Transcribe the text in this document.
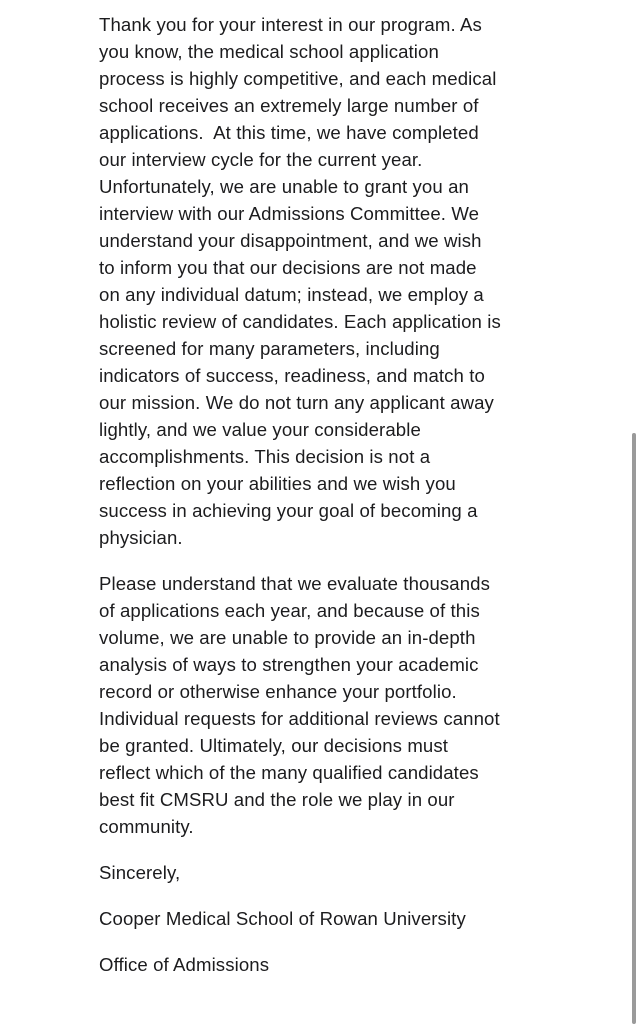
Thank you for your interest in our program. As
you know, the medical school application
process is highly competitive, and each medical
school receives an extremely large number of
applications.  At this time, we have completed
our interview cycle for the current year.
Unfortunately, we are unable to grant you an
interview with our Admissions Committee. We
understand your disappointment, and we wish
to inform you that our decisions are not made
on any individual datum; instead, we employ a
holistic review of candidates. Each application is
screened for many parameters, including
indicators of success, readiness, and match to
our mission. We do not turn any applicant away
lightly, and we value your considerable
accomplishments. This decision is not a
reflection on your abilities and we wish you
success in achieving your goal of becoming a
physician.
Please understand that we evaluate thousands
of applications each year, and because of this
volume, we are unable to provide an in-depth
analysis of ways to strengthen your academic
record or otherwise enhance your portfolio.
Individual requests for additional reviews cannot
be granted. Ultimately, our decisions must
reflect which of the many qualified candidates
best fit CMSRU and the role we play in our
community.
Sincerely,
Cooper Medical School of Rowan University
Office of Admissions
